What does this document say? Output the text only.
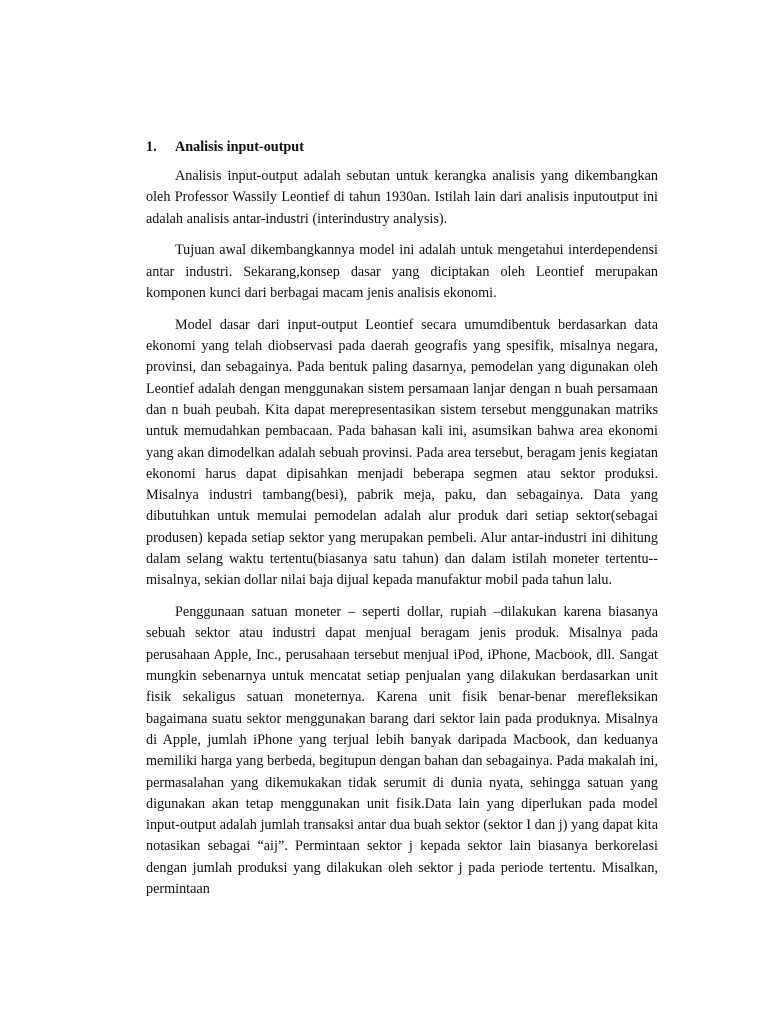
1.	Analisis input-output

Analisis input-output adalah sebutan untuk kerangka analisis yang dikembangkan oleh Professor Wassily Leontief di tahun 1930an. Istilah lain dari analisis inputoutput ini adalah analisis antar-industri (interindustry analysis).

Tujuan awal dikembangkannya model ini adalah untuk mengetahui interdependensi antar industri. Sekarang,konsep dasar yang diciptakan oleh Leontief merupakan komponen kunci dari berbagai macam jenis analisis ekonomi.

Model dasar dari input-output Leontief secara umumdibentuk berdasarkan data ekonomi yang telah diobservasi pada daerah geografis yang spesifik, misalnya negara, provinsi, dan sebagainya. Pada bentuk paling dasarnya, pemodelan yang digunakan oleh Leontief adalah dengan menggunakan sistem persamaan lanjar dengan n buah persamaan dan n buah peubah. Kita dapat merepresentasikan sistem tersebut menggunakan matriks untuk memudahkan pembacaan. Pada bahasan kali ini, asumsikan bahwa area ekonomi yang akan dimodelkan adalah sebuah provinsi. Pada area tersebut, beragam jenis kegiatan ekonomi harus dapat dipisahkan menjadi beberapa segmen atau sektor produksi. Misalnya industri tambang(besi), pabrik meja, paku, dan sebagainya. Data yang dibutuhkan untuk memulai pemodelan adalah alur produk dari setiap sektor(sebagai produsen) kepada setiap sektor yang merupakan pembeli. Alur antar-industri ini dihitung dalam selang waktu tertentu(biasanya satu tahun) dan dalam istilah moneter tertentu--misalnya, sekian dollar nilai baja dijual kepada manufaktur mobil pada tahun lalu.

Penggunaan satuan moneter – seperti dollar, rupiah –dilakukan karena biasanya sebuah sektor atau industri dapat menjual beragam jenis produk. Misalnya pada perusahaan Apple, Inc., perusahaan tersebut menjual iPod, iPhone, Macbook, dll. Sangat mungkin sebenarnya untuk mencatat setiap penjualan yang dilakukan berdasarkan unit fisik sekaligus satuan moneternya. Karena unit fisik benar-benar merefleksikan bagaimana suatu sektor menggunakan barang dari sektor lain pada produknya. Misalnya di Apple, jumlah iPhone yang terjual lebih banyak daripada Macbook, dan keduanya memiliki harga yang berbeda, begitupun dengan bahan dan sebagainya. Pada makalah ini, permasalahan yang dikemukakan tidak serumit di dunia nyata, sehingga satuan yang digunakan akan tetap menggunakan unit fisik.Data lain yang diperlukan pada model input-output adalah jumlah transaksi antar dua buah sektor (sektor I dan j) yang dapat kita notasikan sebagai “aij”. Permintaan sektor j kepada sektor lain biasanya berkorelasi dengan jumlah produksi yang dilakukan oleh sektor j pada periode tertentu. Misalkan, permintaan
